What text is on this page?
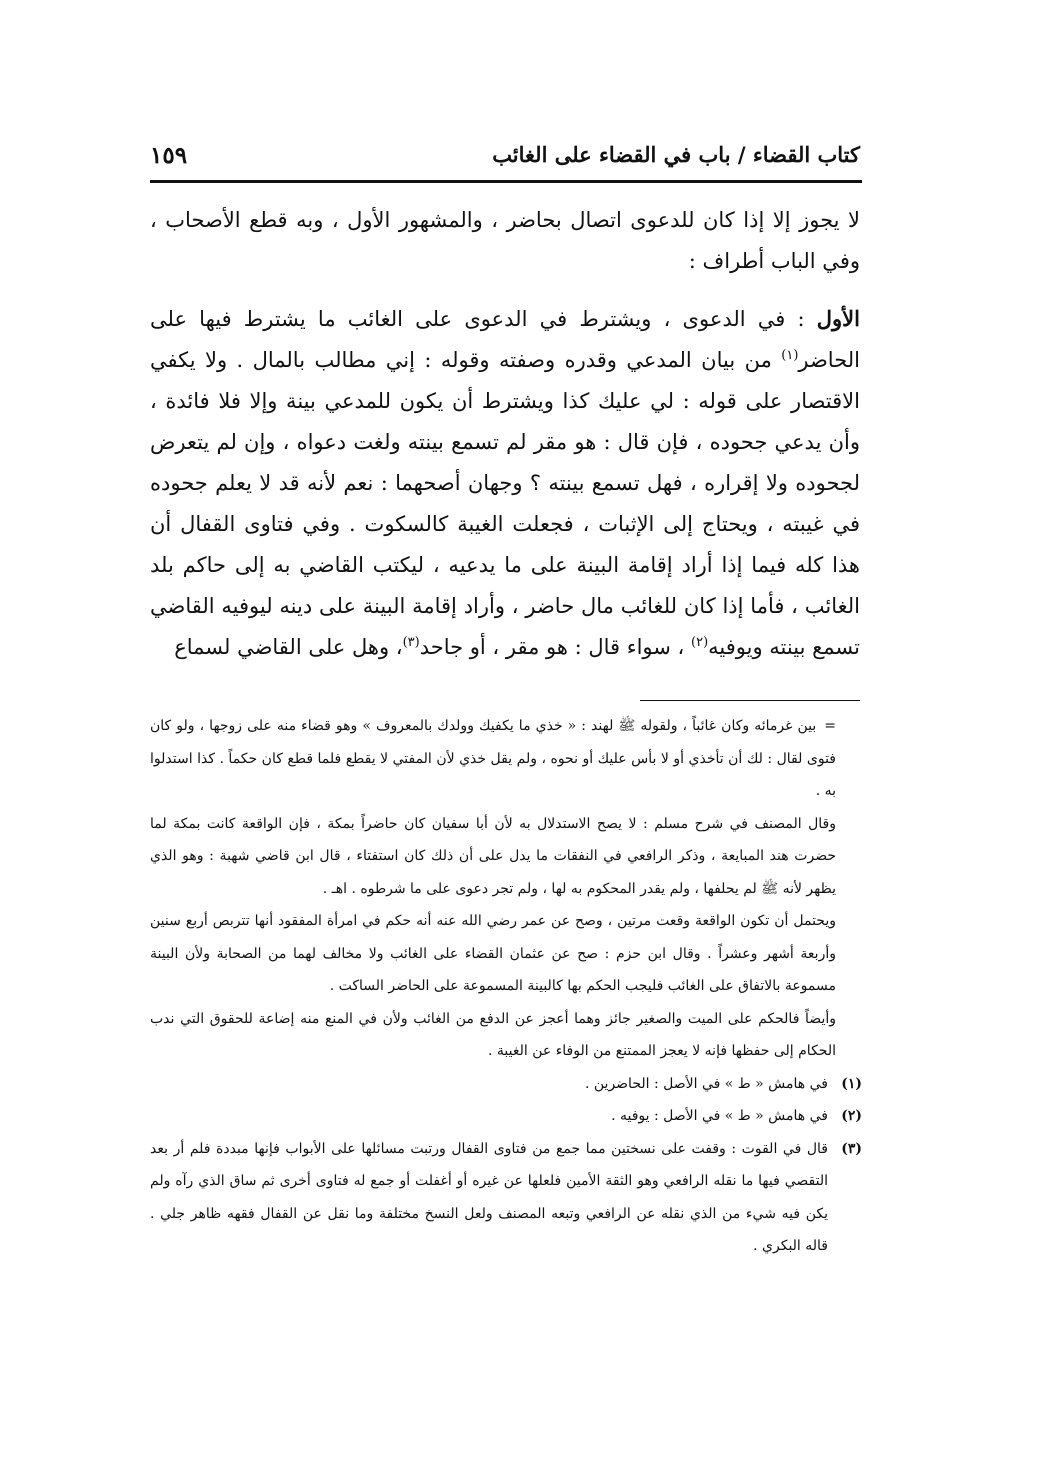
كتاب القضاء / باب في القضاء على الغائب
١٥٩

لا يجوز إلا إذا كان للدعوى اتصال بحاضر ، والمشهور الأول ، وبه قطع الأصحاب ، وفي الباب أطراف :

الأول : في الدعوى ، ويشترط في الدعوى على الغائب ما يشترط فيها على الحاضر$^{(١)}$ من بيان المدعي وقدره وصفته وقوله : إني مطالب بالمال . ولا يكفي الاقتصار على قوله : لي عليك كذا ويشترط أن يكون للمدعي بينة وإلا فلا فائدة ، وأن يدعي جحوده ، فإن قال : هو مقر لم تسمع بينته ولغت دعواه ، وإن لم يتعرض لجحوده ولا إقراره ، فهل تسمع بينته ؟ وجهان أصحهما : نعم لأنه قد لا يعلم جحوده في غيبته ، ويحتاج إلى الإثبات ، فجعلت الغيبة كالسكوت . وفي فتاوى القفال أن هذا كله فيما إذا أراد إقامة البينة على ما يدعيه ، ليكتب القاضي به إلى حاكم بلد الغائب ، فأما إذا كان للغائب مال حاضر ، وأراد إقامة البينة على دينه ليوفيه القاضي تسمع بينته ويوفيه$^{(٢)}$ ، سواء قال : هو مقر ، أو جاحد$^{(٣)}$، وهل على القاضي لسماع

=بين غرمائه وكان غائباً ، ولقوله ﷺ لهند : « خذي ما يكفيك وولدك بالمعروف » وهو قضاء منه على زوجها ، ولو كان فتوى لقال : لك أن تأخذي أو لا بأس عليك أو نحوه ، ولم يقل خذي لأن المفتي لا يقطع فلما قطع كان حكماً . كذا استدلوا به .

وقال المصنف في شرح مسلم : لا يصح الاستدلال به لأن أبا سفيان كان حاضراً بمكة ، فإن الواقعة كانت بمكة لما حضرت هند المبايعة ، وذكر الرافعي في النفقات ما يدل على أن ذلك كان استفتاء ، قال ابن قاضي شهبة : وهو الذي يظهر لأنه ﷺ لم يحلفها ، ولم يقدر المحكوم به لها ، ولم تجر دعوى على ما شرطوه . اهـ .

ويحتمل أن تكون الواقعة وقعت مرتين ، وصح عن عمر رضي الله عنه أنه حكم في امرأة المفقود أنها تتربص أربع سنين وأربعة أشهر وعشراً . وقال ابن حزم : صح عن عثمان القضاء على الغائب ولا مخالف لهما من الصحابة ولأن البينة مسموعة بالاتفاق على الغائب فليجب الحكم بها كالبينة المسموعة على الحاضر الساكت .

وأيضاً فالحكم على الميت والصغير جائز وهما أعجز عن الدفع من الغائب ولأن في المنع منه إضاعة للحقوق التي ندب الحكام إلى حفظها فإنه لا يعجز الممتنع من الوفاء عن الغيبة .

(١)
في هامش « ط » في الأصل : الحاضرين .
(٢)
في هامش « ط » في الأصل : يوفيه .
(٣)
قال في القوت : وقفت على نسختين مما جمع من فتاوى القفال ورتبت مسائلها على الأبواب فإنها مبددة فلم أر بعد التقصي فيها ما نقله الرافعي وهو الثقة الأمين فلعلها عن غيره أو أغفلت أو جمع له فتاوى أخرى ثم ساق الذي رآه ولم يكن فيه شيء من الذي نقله عن الرافعي وتبعه المصنف ولعل النسخ مختلفة وما نقل عن القفال فقهه ظاهر جلي . قاله البكري .
